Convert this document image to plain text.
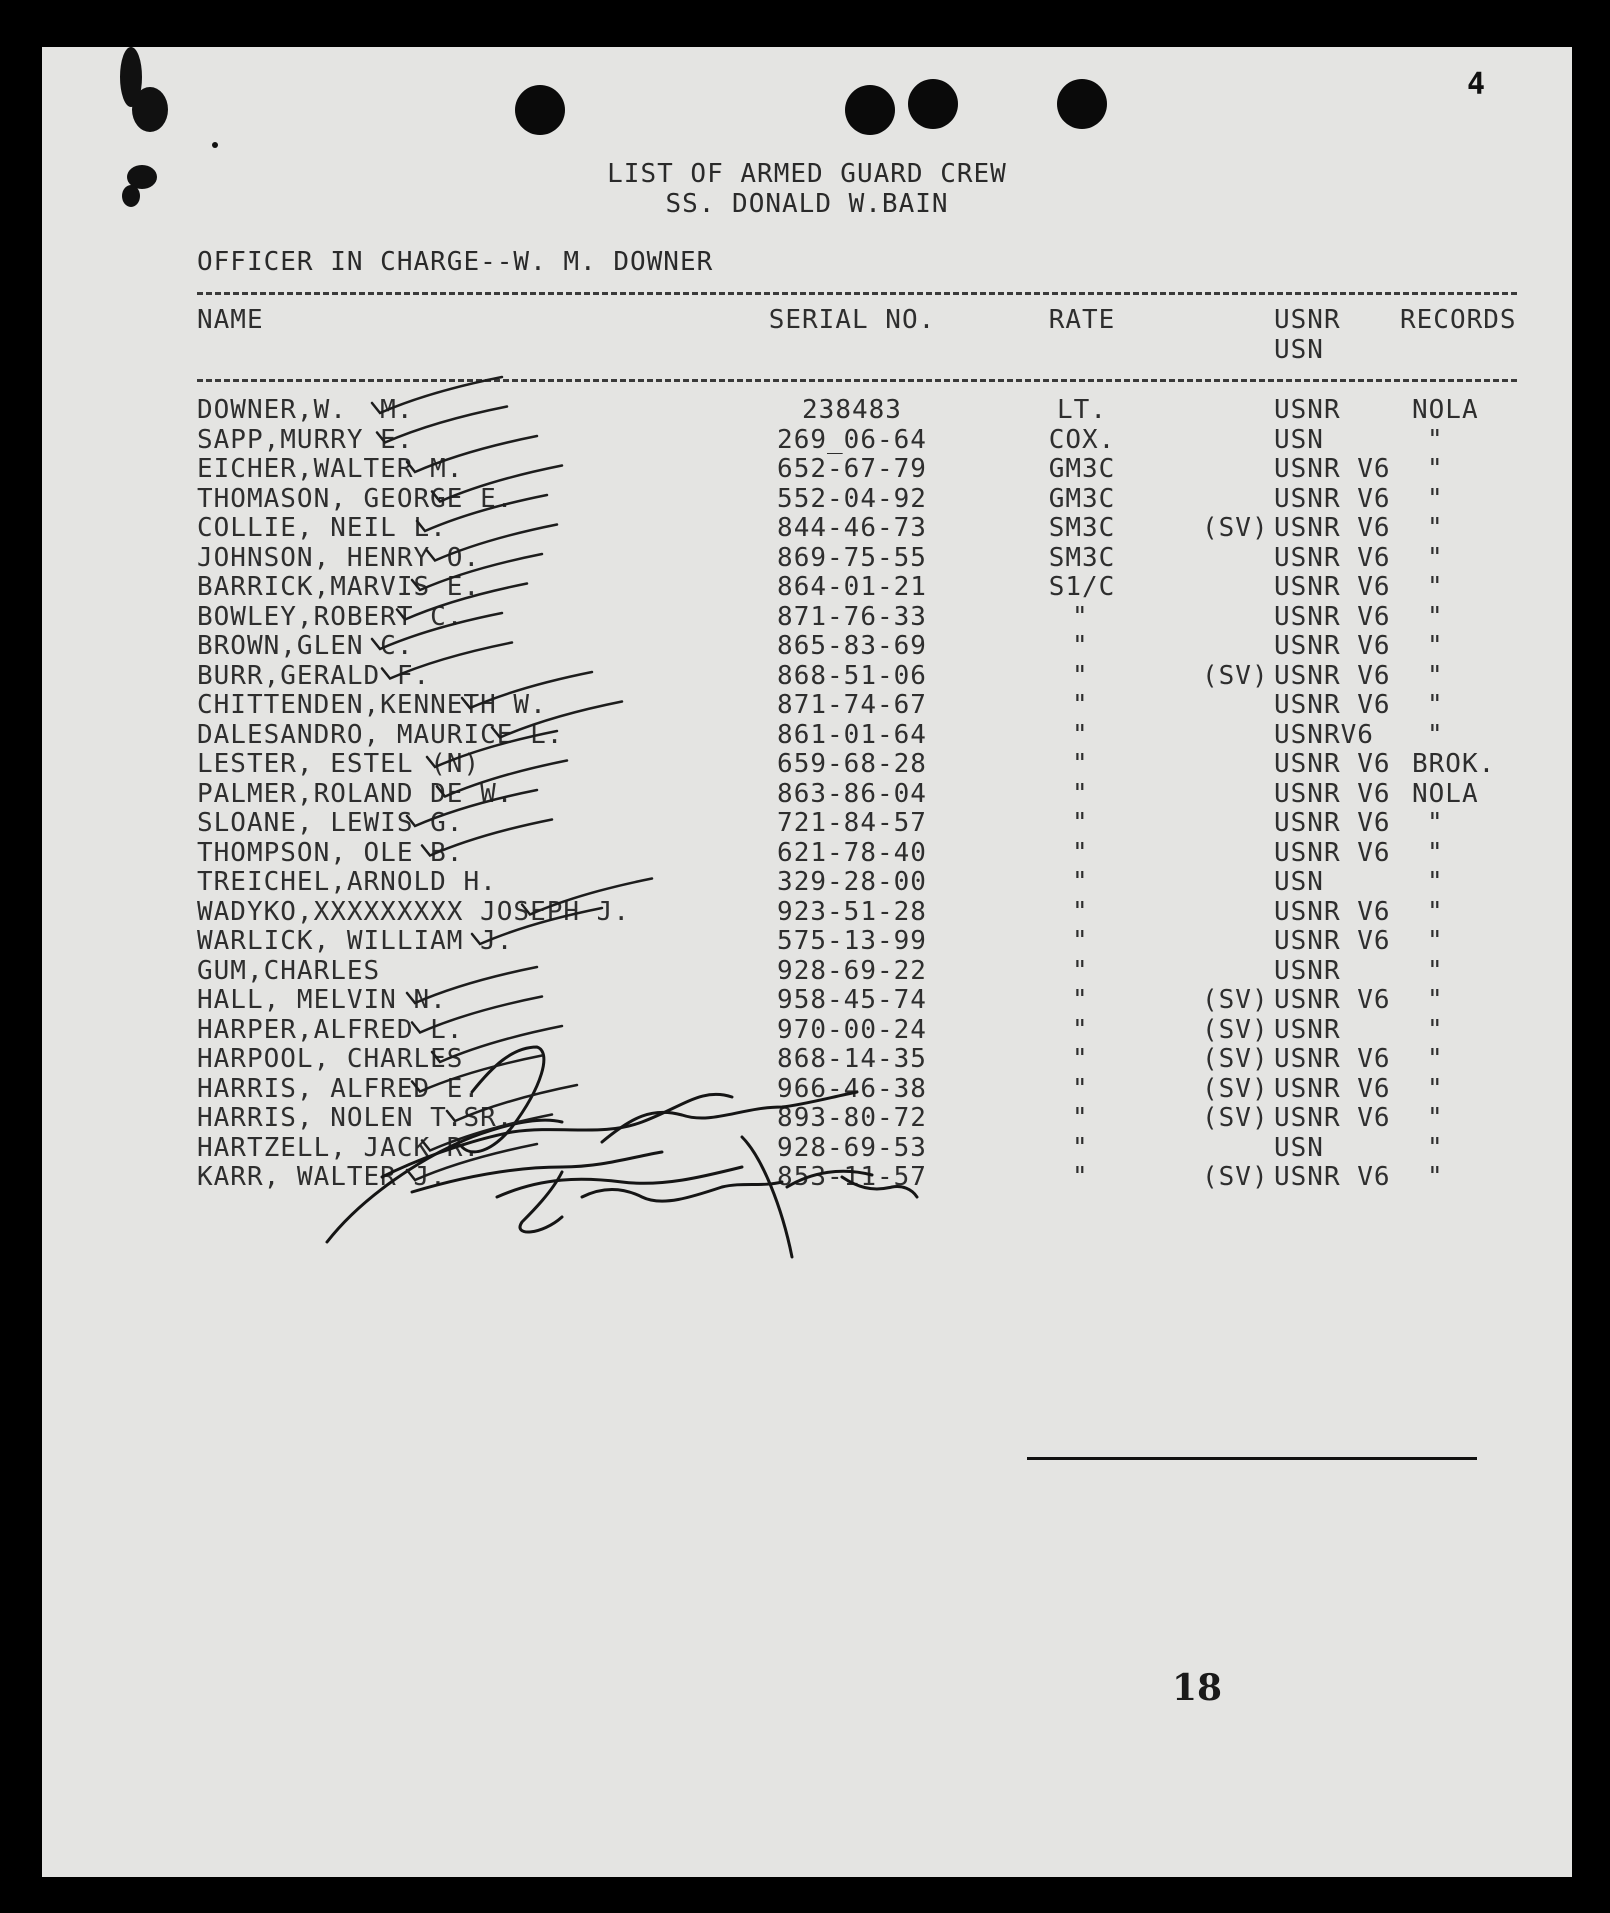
4
LIST OF ARMED GUARD CREW
SS. DONALD W.BAIN
OFFICER IN CHARGE--W. M. DOWNER
NAME	SERIAL NO.	RATE	USNR RECORDS
USN
DOWNER,W.  M.	238483	LT.	USNR	NOLA
SAPP,MURRY E.	269_06-64	COX.	USN	"
EICHER,WALTER M.	652-67-79	GM3C	USNR V6 "
THOMASON, GEORGE E.	552-04-92	GM3C	USNR V6 "
COLLIE, NEIL L.	844-46-73	SM3C	(SV) USNR V6 "
JOHNSON, HENRY O.	869-75-55	SM3C	USNR V6 "
BARRICK,MARVIS E.	864-01-21	S1/C	USNR V6 "
BOWLEY,ROBERT C.	871-76-33	"	USNR V6 "
BROWN,GLEN C.	865-83-69	"	USNR V6 "
BURR,GERALD F.	868-51-06	"	(SV) USNR V6 "
CHITTENDEN,KENNETH W.	871-74-67	"	USNR V6 "
DALESANDRO, MAURICE L.	861-01-64	"	USNRV6 "
LESTER, ESTEL (N)	659-68-28	"	USNR V6 BROK.
PALMER,ROLAND DE W.	863-86-04	"	USNR V6 NOLA
SLOANE, LEWIS G.	721-84-57	"	USNR V6 "
THOMPSON, OLE B.	621-78-40	"	USNR V6 "
TREICHEL,ARNOLD H.	329-28-00	"	USN	"
WADYKO,XXXXXXXXX JOSEPH J.	923-51-28	"	USNR V6 "
WARLICK, WILLIAM J.	575-13-99	"	USNR V6 "
GUM,CHARLES	928-69-22	"	USNR	"
HALL, MELVIN N.	958-45-74	"	(SV) USNR V6 "
HARPER,ALFRED L.	970-00-24	"	(SV) USNR	"
HARPOOL, CHARLES	868-14-35	"	(SV) USNR V6 "
HARRIS, ALFRED E.	966-46-38	"	(SV) USNR V6 "
HARRIS, NOLEN T.SR.	893-80-72	"	(SV) USNR V6 "
HARTZELL, JACK R.	928-69-53	"	USN	"
KARR, WALTER J.	853-11-57	"	(SV) USNR V6 "
18
